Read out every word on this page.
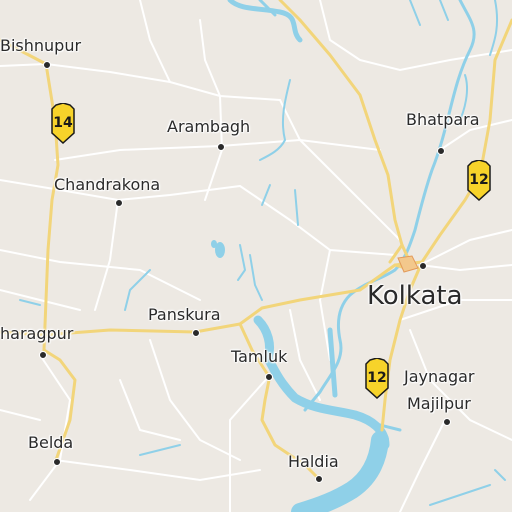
14
12
12
Bishnupur
Arambagh	Bhatpara
Chandrakona
Kolkata
Panskura
haragpur
Tamluk
Jaynagar
Majilpur
Belda
Haldia
